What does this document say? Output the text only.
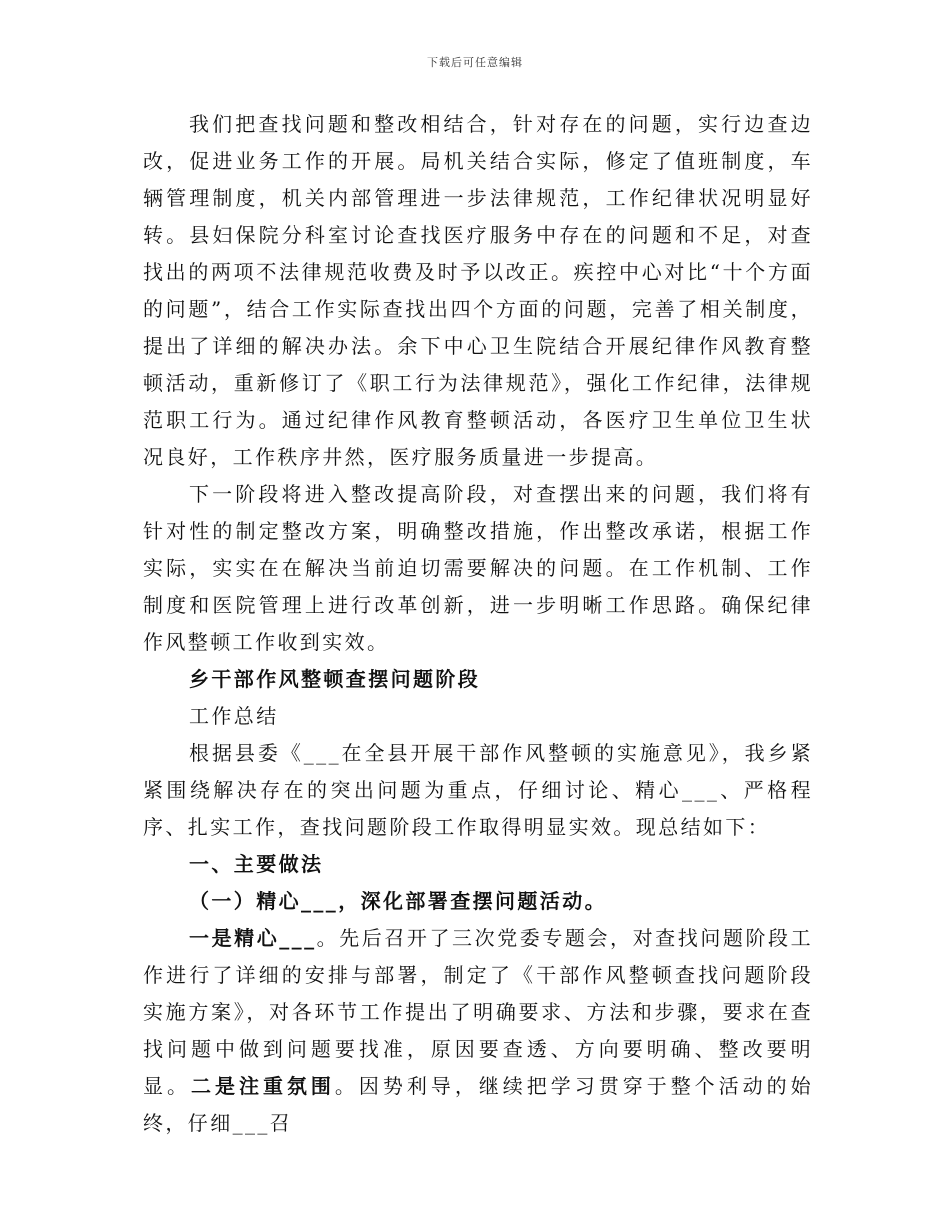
下载后可任意编辑

我们把查找问题和整改相结合，针对存在的问题，实行边查边改，促进业务工作的开展。局机关结合实际，修定了值班制度，车辆管理制度，机关内部管理进一步法律规范，工作纪律状况明显好转。县妇保院分科室讨论查找医疗服务中存在的问题和不足，对查找出的两项不法律规范收费及时予以改正。疾控中心对比“十个方面的问题”，结合工作实际查找出四个方面的问题，完善了相关制度，提出了详细的解决办法。余下中心卫生院结合开展纪律作风教育整顿活动，重新修订了《职工行为法律规范》，强化工作纪律，法律规范职工行为。通过纪律作风教育整顿活动，各医疗卫生单位卫生状况良好，工作秩序井然，医疗服务质量进一步提高。

下一阶段将进入整改提高阶段，对查摆出来的问题，我们将有针对性的制定整改方案，明确整改措施，作出整改承诺，根据工作实际，实实在在解决当前迫切需要解决的问题。在工作机制、工作制度和医院管理上进行改革创新，进一步明晰工作思路。确保纪律作风整顿工作收到实效。

乡干部作风整顿查摆问题阶段

工作总结

根据县委《___在全县开展干部作风整顿的实施意见》，我乡紧紧围绕解决存在的突出问题为重点，仔细讨论、精心___、严格程序、扎实工作，查找问题阶段工作取得明显实效。现总结如下：

一、主要做法

（一）精心___，深化部署查摆问题活动。

一是精心___。先后召开了三次党委专题会，对查找问题阶段工作进行了详细的安排与部署，制定了《干部作风整顿查找问题阶段实施方案》，对各环节工作提出了明确要求、方法和步骤，要求在查找问题中做到问题要找准，原因要查透、方向要明确、整改要明显。二是注重氛围。因势利导，继续把学习贯穿于整个活动的始终，仔细___召
